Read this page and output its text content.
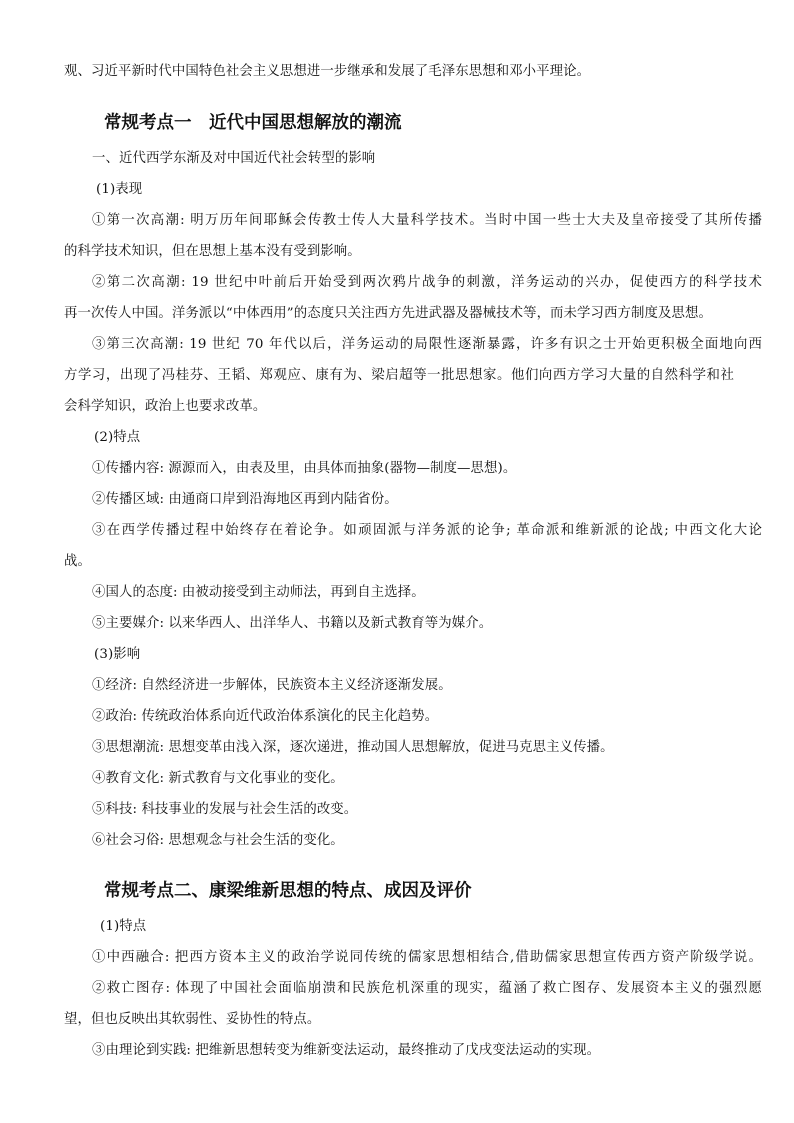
观、习近平新时代中国特色社会主义思想进一步继承和发展了毛泽东思想和邓小平理论。
常规考点一　近代中国思想解放的潮流
一、近代西学东渐及对中国近代社会转型的影响
(1)表现
①第一次高潮: 明万历年间耶稣会传教士传人大量科学技术。当时中国一些士大夫及皇帝接受了其所传播
的科学技术知识，但在思想上基本没有受到影响。
②第二次高潮: 19 世纪中叶前后开始受到两次鸦片战争的刺激，洋务运动的兴办，促使西方的科学技术
再一次传人中国。洋务派以“中体西用”的态度只关注西方先进武器及器械技术等，而未学习西方制度及思想。
③第三次高潮: 19 世纪 70 年代以后，洋务运动的局限性逐渐暴露，许多有识之士开始更积极全面地向西
方学习，出现了冯桂芬、王韬、郑观应、康有为、梁启超等一批思想家。他们向西方学习大量的自然科学和社
会科学知识，政治上也要求改革。
(2)特点
①传播内容: 源源而入，由表及里，由具体而抽象(器物—制度—思想)。
②传播区域: 由通商口岸到沿海地区再到内陆省份。
③在西学传播过程中始终存在着论争。如顽固派与洋务派的论争; 革命派和维新派的论战; 中西文化大论
战。
④国人的态度: 由被动接受到主动师法，再到自主选择。
⑤主要媒介: 以来华西人、出洋华人、书籍以及新式教育等为媒介。
(3)影响
①经济: 自然经济进一步解体，民族资本主义经济逐渐发展。
②政治: 传统政治体系向近代政治体系演化的民主化趋势。
③思想潮流: 思想变革由浅入深，逐次递进，推动国人思想解放，促进马克思主义传播。
④教育文化: 新式教育与文化事业的变化。
⑤科技: 科技事业的发展与社会生活的改变。
⑥社会习俗: 思想观念与社会生活的变化。
常规考点二、康梁维新思想的特点、成因及评价
(1)特点
①中西融合: 把西方资本主义的政治学说同传统的儒家思想相结合,借助儒家思想宣传西方资产阶级学说。
②救亡图存: 体现了中国社会面临崩溃和民族危机深重的现实，蕴涵了救亡图存、发展资本主义的强烈愿
望，但也反映出其软弱性、妥协性的特点。
③由理论到实践: 把维新思想转变为维新变法运动，最终推动了戊戌变法运动的实现。
